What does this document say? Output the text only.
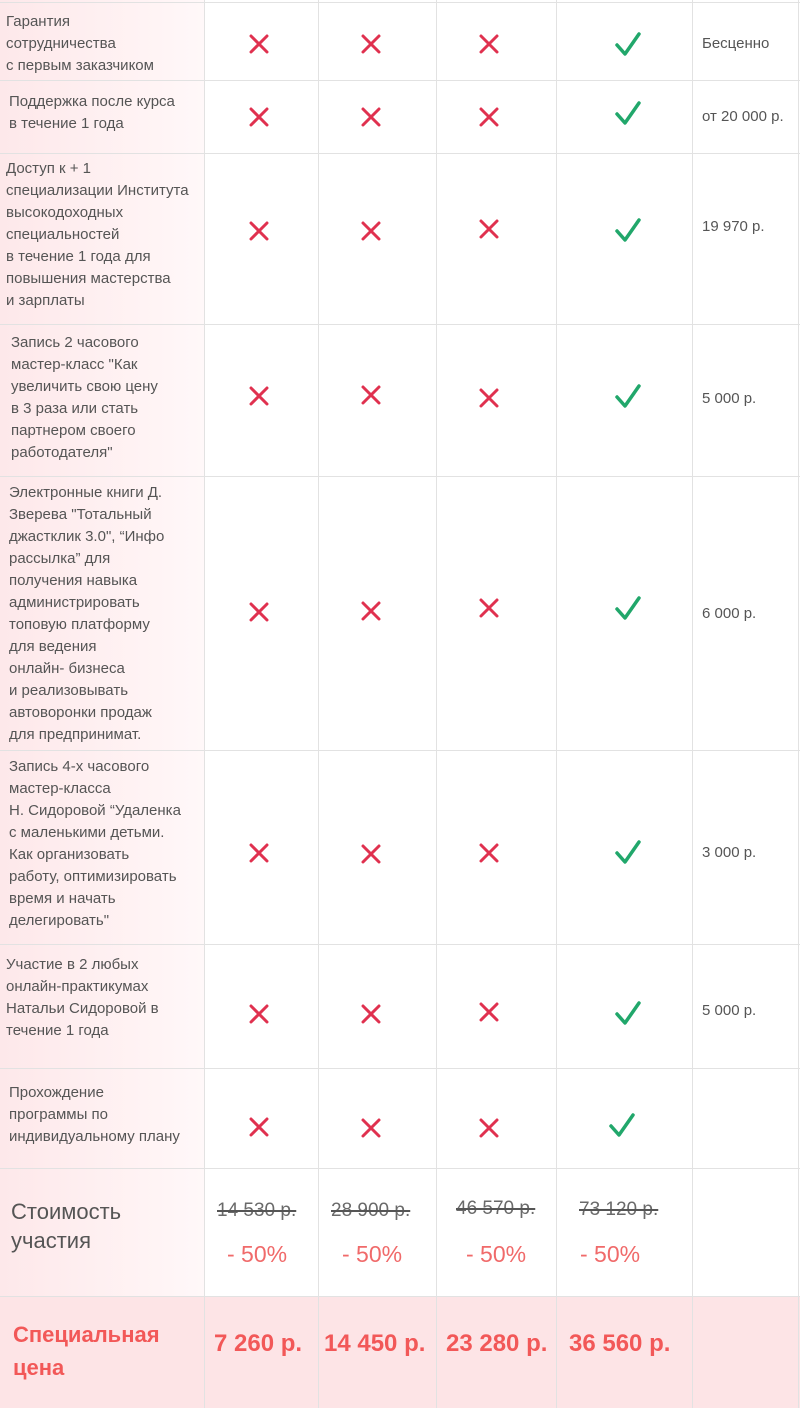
Гарантия
сотрудничества
с первым заказчиком
Бесценно
Поддержка после курса
в течение 1 года	от 20 000 р.
Доступ к + 1
специализации Института
высокодоходных
специальностей
в течение 1 года для
повышения мастерства
и зарплаты
19 970 р.
Запись 2 часового
мастер-класс "Как
увеличить свою цену
в 3 раза или стать
партнером своего
работодателя"
5 000 р.
Электронные книги Д.
Зверева "Тотальный
джастклик 3.0", “Инфо
рассылка” для
получения навыка
администрировать
топовую платформу
для ведения
онлайн- бизнеса
и реализовывать
автоворонки продаж
для предпринимат.
6 000 р.
Запись 4-х часового
мастер-класса
Н. Сидоровой “Удаленка
с маленькими детьми.
Как организовать
работу, оптимизировать
время и начать
делегировать"
3 000 р.
Участие в 2 любых
онлайн-практикумах
Натальи Сидоровой в
течение 1 года
5 000 р.
Прохождение
программы по
индивидуальному плану
Стоимость
участия
14 530 р. 28 900 р. 46 570 р. 73 120 р.
- 50% - 50%	- 50% - 50%
Специальная
цена
7 260 р. 14 450 р. 23 280 р. 36 560 р.
